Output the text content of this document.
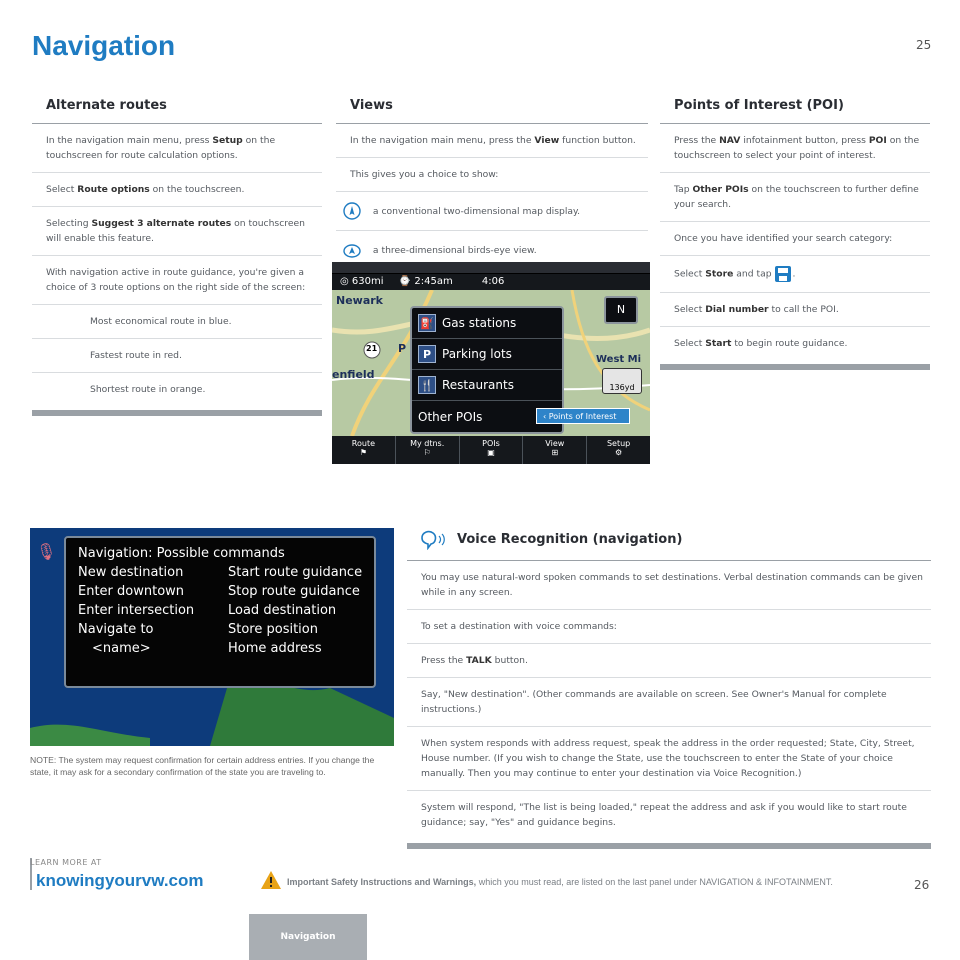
Navigation	25
Alternate routes
In the navigation main menu, press Setup on the touchscreen for route calculation options.
Select Route options on the touchscreen.
Selecting Suggest 3 alternate routes on touchscreen will enable this feature.
With navigation active in route guidance, you're given a choice of 3 route options on the right side of the screen:
Most economical route in blue.
Fastest route in red.
Shortest route in orange.
Views
In the navigation main menu, press the View function button.
This gives you a choice to show:
a conventional two-dimensional map display.
a three-dimensional birds-eye view.
◎ 630mi ⌚ 2:45am	4:06
Newark
21 P
enfield
West Mi
136yd
N
⛽ Gas stations
P Parking lots
🍴 Restaurants
Other POIs	‹ Points of Interest
Route
⚑
My dtns.
⚐
POIs
▣
View
⊞
Setup
⚙
Points of Interest (POI)
Press the NAV infotainment button, press POI on the touchscreen to select your point of interest.
Tap Other POIs on the touchscreen to further define your search.
Once you have identified your search category:
Select Store and tap .
Select Dial number to call the POI.
Select Start to begin route guidance.
🎙	Navigation: Possible commands
New destination	Start route guidance
Enter downtown	Stop route guidance
Enter intersection	Load destination
Navigate to	Store position
<name>	Home address
NOTE: The system may request confirmation for certain address entries. If you change the state, it may ask for a secondary confirmation of the state you are traveling to.
Voice Recognition (navigation)
You may use natural-word spoken commands to set destinations. Verbal destination commands can be given while in any screen.
To set a destination with voice commands:
Press the TALK button.
Say, "New destination". (Other commands are available on screen. See Owner's Manual for complete instructions.)
When system responds with address request, speak the address in the order requested; State, City, Street, House number. (If you wish to change the State, use the touchscreen to enter the State of your choice manually. Then you may continue to enter your destination via Voice Recognition.)
System will respond, "The list is being loaded," repeat the address and ask if you would like to start route guidance; say, "Yes" and guidance begins.
LEARN MORE AT
knowingyourvw.com	Important Safety Instructions and Warnings, which you must read, are listed on the last panel under NAVIGATION & INFOTAINMENT.	26
Navigation
